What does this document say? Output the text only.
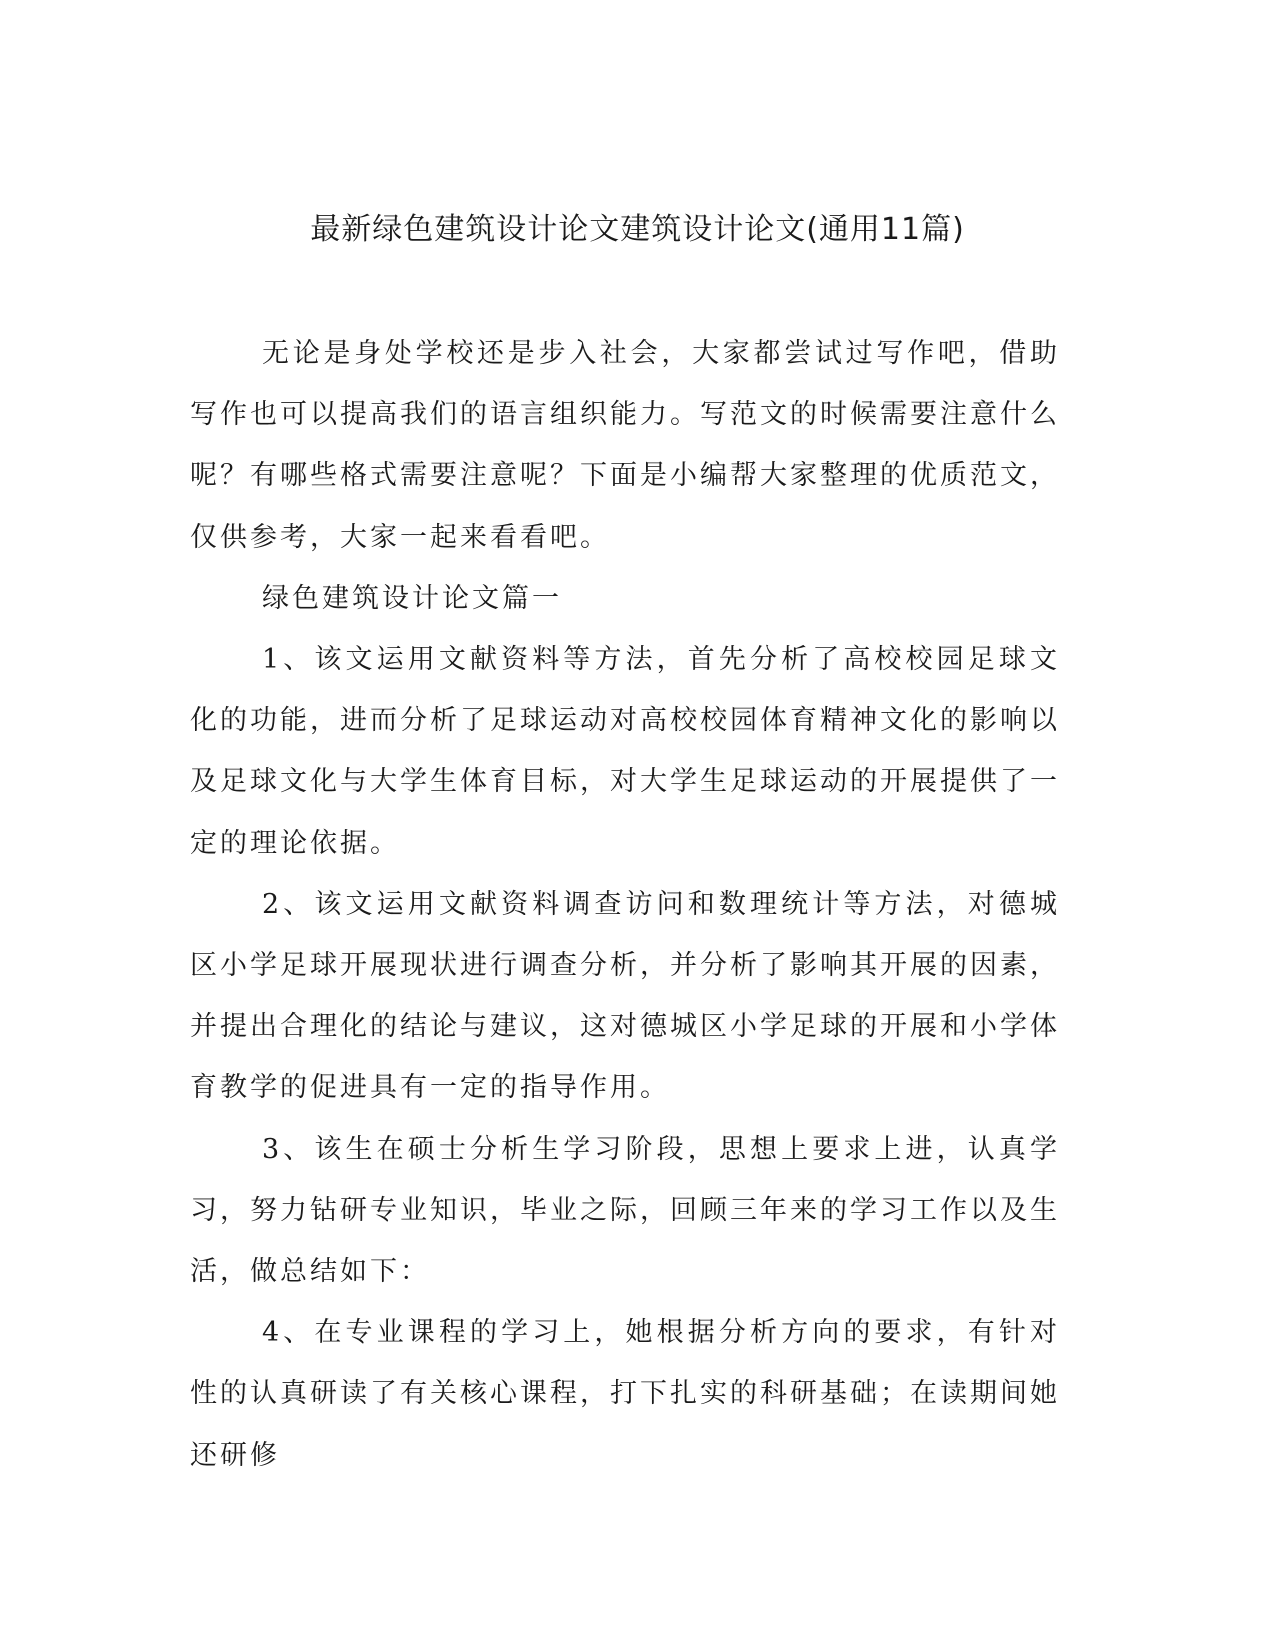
最新绿色建筑设计论文建筑设计论文(通用11篇)

无论是身处学校还是步入社会，大家都尝试过写作吧，借助写作也可以提高我们的语言组织能力。写范文的时候需要注意什么呢？有哪些格式需要注意呢？下面是小编帮大家整理的优质范文，仅供参考，大家一起来看看吧。

绿色建筑设计论文篇一

1、该文运用文献资料等方法，首先分析了高校校园足球文化的功能，进而分析了足球运动对高校校园体育精神文化的影响以及足球文化与大学生体育目标，对大学生足球运动的开展提供了一定的理论依据。

2、该文运用文献资料调查访问和数理统计等方法，对德城区小学足球开展现状进行调查分析，并分析了影响其开展的因素，并提出合理化的结论与建议，这对德城区小学足球的开展和小学体育教学的促进具有一定的指导作用。

3、该生在硕士分析生学习阶段，思想上要求上进，认真学习，努力钻研专业知识，毕业之际，回顾三年来的学习工作以及生活，做总结如下：

4、在专业课程的学习上，她根据分析方向的要求，有针对性的认真研读了有关核心课程，打下扎实的科研基础；在读期间她还研修
